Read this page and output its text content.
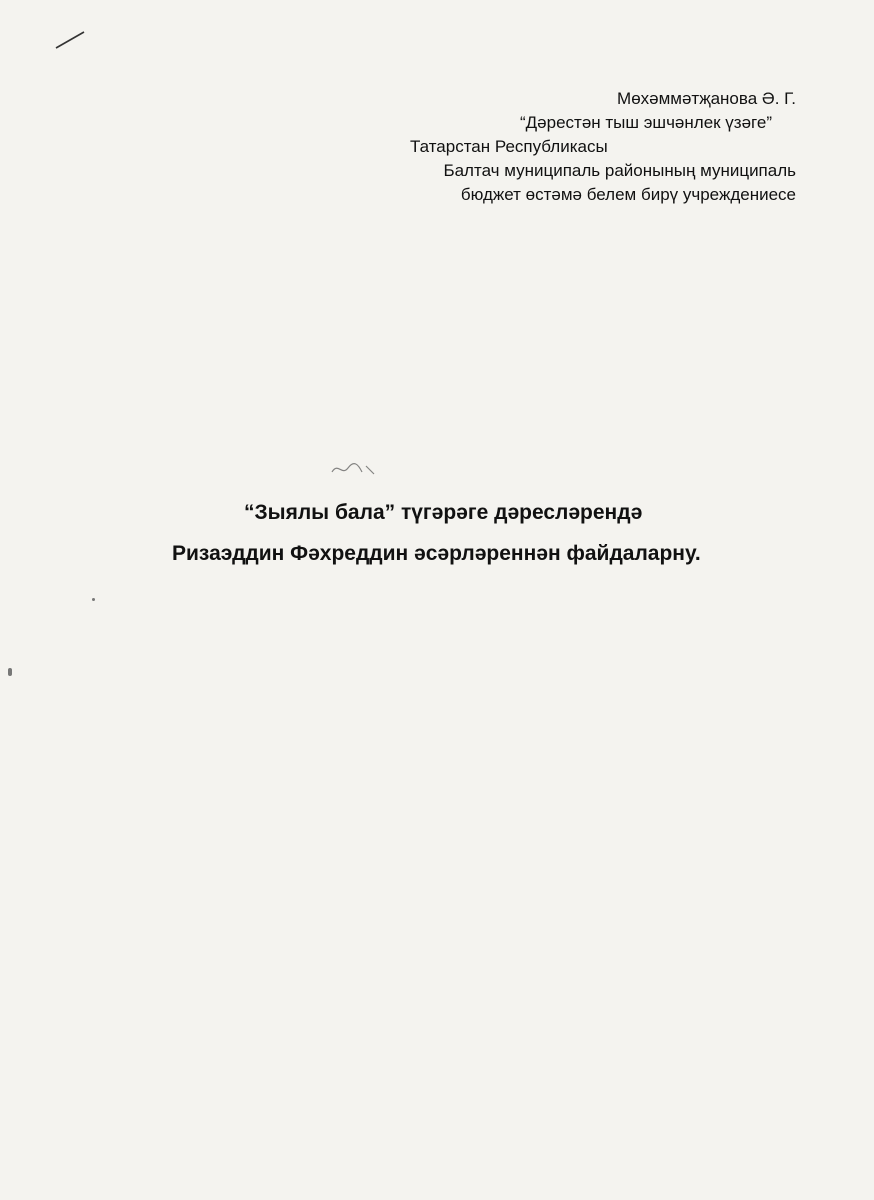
Мөхәммәтҗанова Ә. Г.
“Дәрестән тыш эшчәнлек үзәге”
Татарстан Республикасы
Балтач муниципаль районының муниципаль
бюджет өстәмә белем бирү учреждениесе
“Зыялы бала” түгәрәге дәресләрендә
Ризаэддин Фәхреддин әсәрләреннән файдаларну.
